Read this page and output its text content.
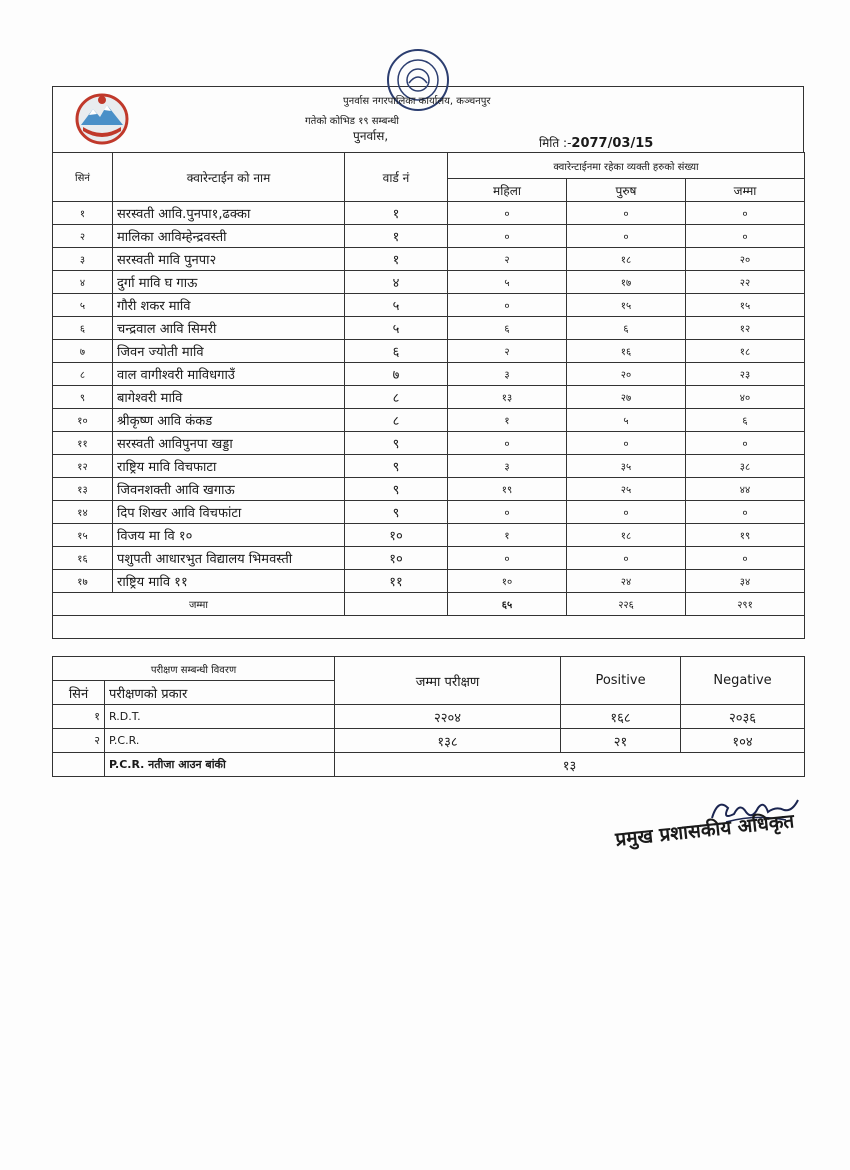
पुनर्वास नगरपालिका कार्यालय, कञ्चनपुर
गतेको कोभिड १९ सम्बन्धी
पुनर्वास,	मिति :-2077/03/15
सिनं	क्वारेन्टाईन को नाम	वार्ड नं	क्वारेन्टाईनमा रहेका व्यक्ती हरुको संख्या		
			महिला	पुरुष	जम्मा
१	सरस्वती आवि.पुनपा१,ढक्का	१	०	०	०
२	मालिका आविम्हेन्द्रवस्ती	१	०	०	०
३	सरस्वती मावि पुनपा२	१	२	१८	२०
४	दुर्गा मावि घ गाऊ	४	५	१७	२२
५	गौरी शकर मावि	५	०	१५	१५
६	चन्द्रवाल आवि सिमरी	५	६	६	१२
७	जिवन ज्योती मावि	६	२	१६	१८
८	वाल वागीश्वरी माविधगाउँ	७	३	२०	२३
९	बागेश्वरी मावि	८	१३	२७	४०
१०	श्रीकृष्ण आवि कंकड	८	१	५	६
११	सरस्वती आविपुनपा खड्डा	९	०	०	०
१२	राष्ट्रिय मावि विचफाटा	९	३	३५	३८
१३	जिवनशक्ती आवि खगाऊ	९	१९	२५	४४
१४	दिप शिखर आवि विचफांटा	९	०	०	०
१५	विजय मा वि १०	१०	१	१८	१९
१६	पशुपती आधारभुत विद्यालय भिमवस्ती	१०	०	०	०
१७	राष्ट्रिय मावि ११	११	१०	२४	३४
जम्मा			६५	२२६	२९१

परीक्षण सम्बन्धी विवरण		जम्मा परीक्षण	Positive	Negative
सिनं	परीक्षणको प्रकार			
१	R.D.T.	२२०४	१६८	२०३६
२	P.C.R.	१३८	२१	१०४
	P.C.R. नतीजा आउन बांकी	१३		
प्रमुख प्रशासकीय अधिकृत
